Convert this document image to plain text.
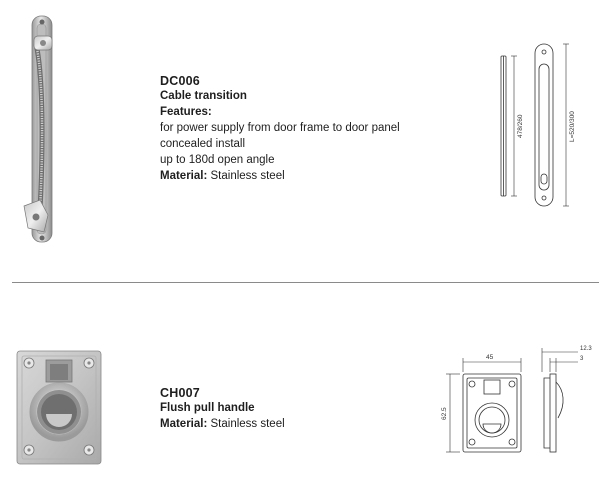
DC006
Cable transition
Features:
for power supply from door frame to door panel
concealed install
up to 180d open angle
Material: Stainless steel
478/260	L=520/300
CH007
Flush pull handle
Material: Stainless steel
45
62.5
12.3
3
